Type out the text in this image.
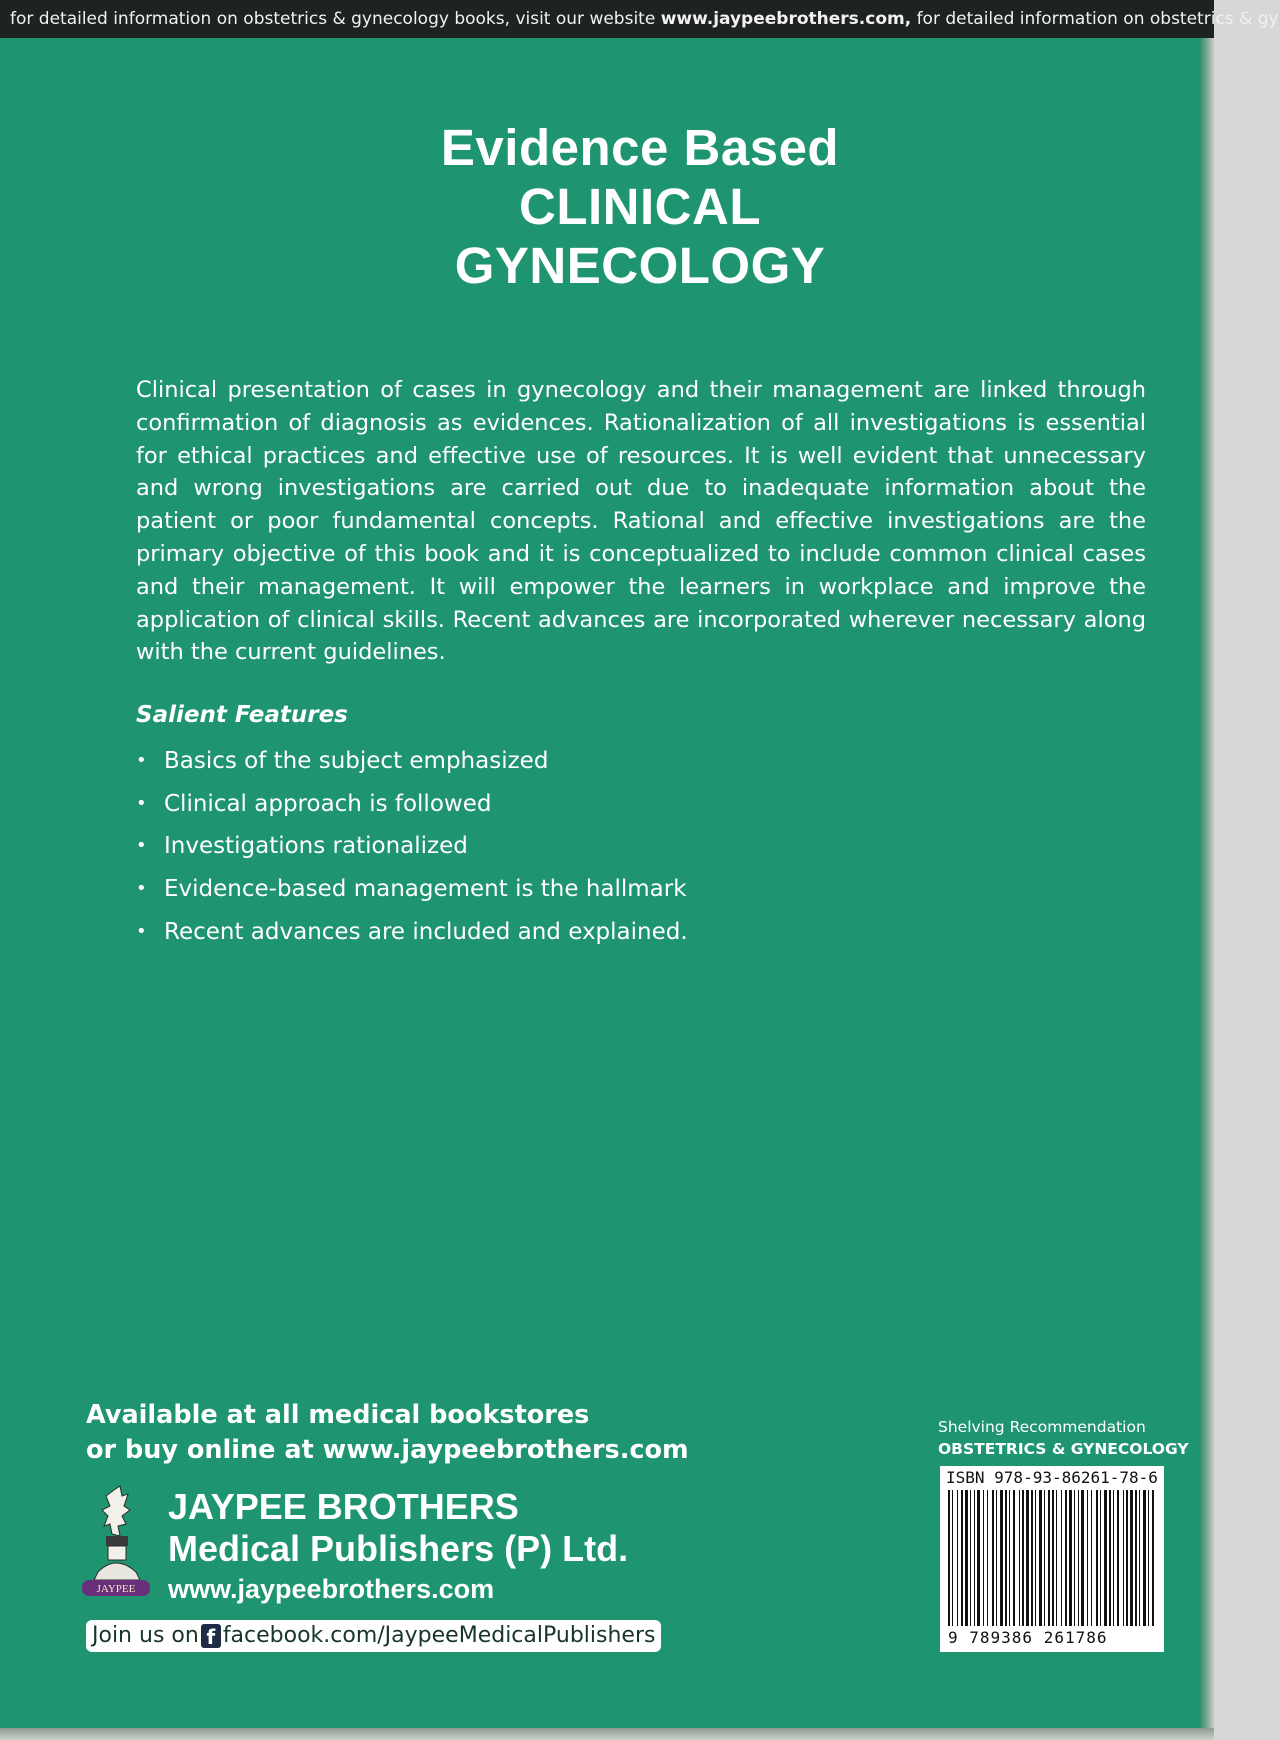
Evidence Based
CLINICAL
GYNECOLOGY

Clinical presentation of cases in gynecology and their management are linked through confirmation of diagnosis as evidences. Rationalization of all investigations is essential for ethical practices and effective use of resources. It is well evident that unnecessary and wrong investigations are carried out due to inadequate information about the patient or poor fundamental concepts. Rational and effective investigations are the primary objective of this book and it is conceptualized to include common clinical cases and their management. It will empower the learners in workplace and improve the application of clinical skills. Recent advances are incorporated wherever necessary along with the current guidelines.

Salient Features
• Basics of the subject emphasized
• Clinical approach is followed
• Investigations rationalized
• Evidence-based management is the hallmark
• Recent advances are included and explained.
Available at all medical bookstores
or buy online at www.jaypeebrothers.com
JAYPEE
JAYPEE BROTHERS
Medical Publishers (P) Ltd.
www.jaypeebrothers.com
Join us on f facebook.com/JaypeeMedicalPublishers
Shelving Recommendation
OBSTETRICS & GYNECOLOGY
ISBN 978-93-86261-78-6
9 789386 261786
for detailed information on obstetrics & gynecology books, visit our website www.jaypeebrothers.com, for detailed information on obstetrics & gy
